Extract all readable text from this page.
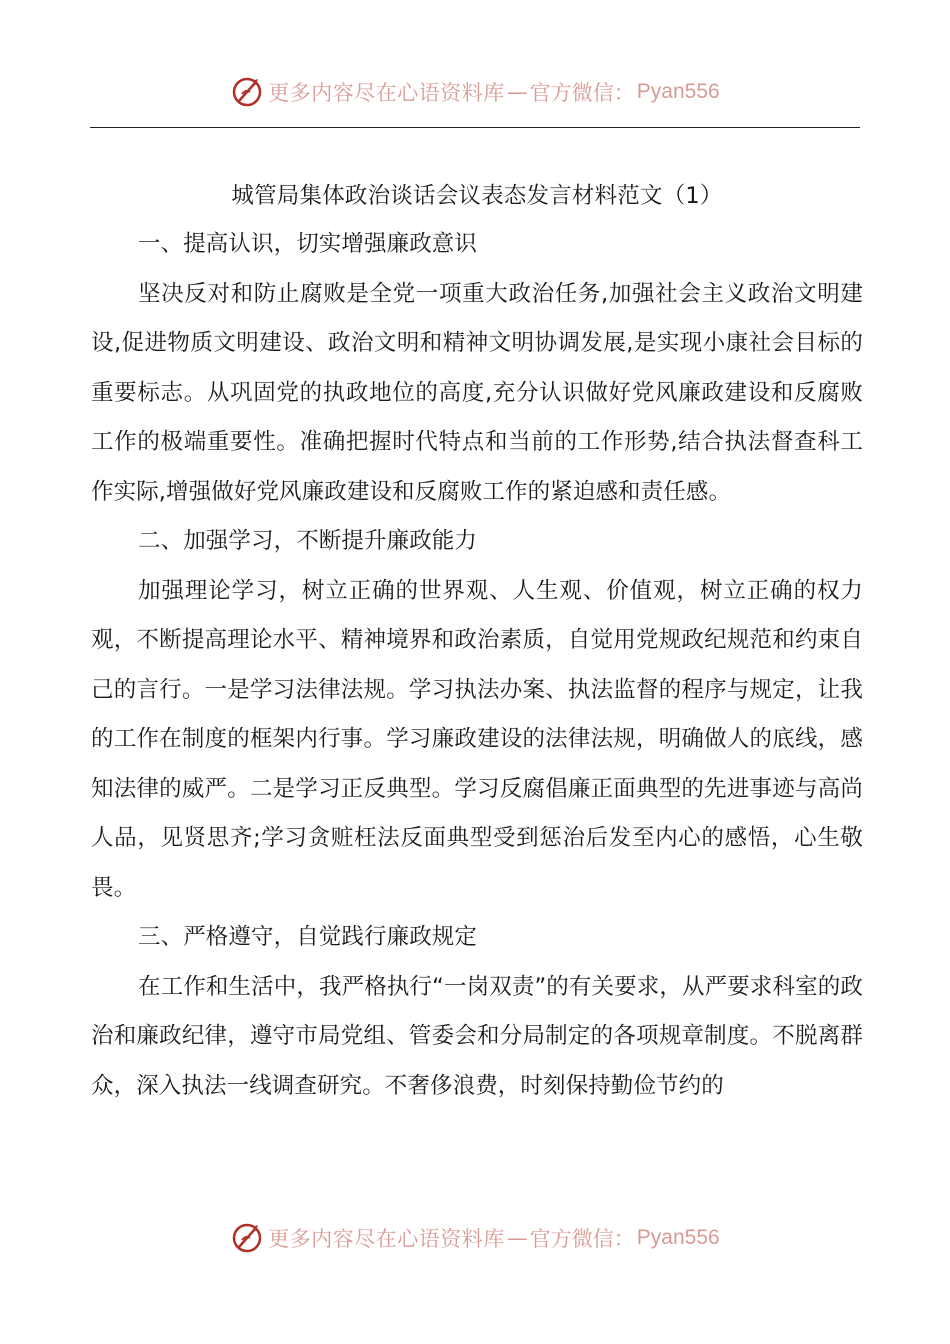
更多内容尽在心语资料库 — 官方微信： Pyan556

城管局集体政治谈话会议表态发言材料范文（1）

一、提高认识，切实增强廉政意识

坚决反对和防止腐败是全党一项重大政治任务,加强社会主义政治文明建设,促进物质文明建设、政治文明和精神文明协调发展,是实现小康社会目标的重要标志。从巩固党的执政地位的高度,充分认识做好党风廉政建设和反腐败工作的极端重要性。准确把握时代特点和当前的工作形势,结合执法督查科工作实际,增强做好党风廉政建设和反腐败工作的紧迫感和责任感。

二、加强学习，不断提升廉政能力

加强理论学习，树立正确的世界观、人生观、价值观，树立正确的权力观，不断提高理论水平、精神境界和政治素质，自觉用党规政纪规范和约束自己的言行。一是学习法律法规。学习执法办案、执法监督的程序与规定，让我的工作在制度的框架内行事。学习廉政建设的法律法规，明确做人的底线，感知法律的威严。二是学习正反典型。学习反腐倡廉正面典型的先进事迹与高尚人品，见贤思齐;学习贪赃枉法反面典型受到惩治后发至内心的感悟，心生敬畏。

三、严格遵守，自觉践行廉政规定

在工作和生活中，我严格执行“一岗双责”的有关要求，从严要求科室的政治和廉政纪律，遵守市局党组、管委会和分局制定的各项规章制度。不脱离群众，深入执法一线调查研究。不奢侈浪费，时刻保持勤俭节约的

更多内容尽在心语资料库 — 官方微信： Pyan556
